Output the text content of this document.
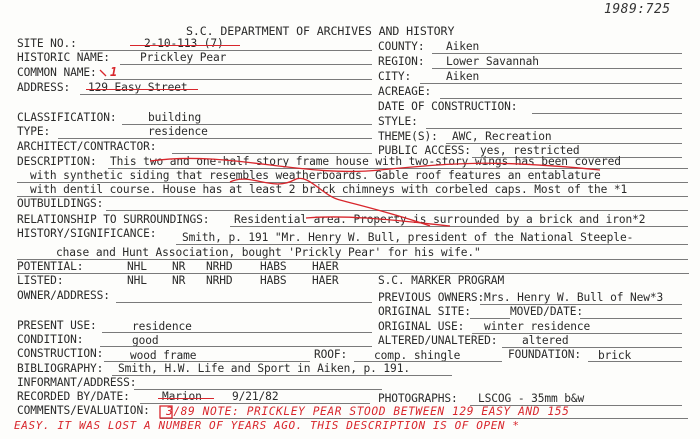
1989:725
S.C. DEPARTMENT OF ARCHIVES AND HISTORY
SITE NO.:	2-10-113 (7)	COUNTY: Aiken
HISTORIC NAME:	Prickley Pear	REGION: Lower Savannah
COMMON NAME: 1	CITY:	Aiken
ADDRESS: 129 Easy Street	ACREAGE:
DATE OF CONSTRUCTION:
CLASSIFICATION:	building	STYLE:
TYPE:	residence	THEME(S): AWC, Recreation
ARCHITECT/CONTRACTOR:	PUBLIC ACCESS: yes, restricted
DESCRIPTION: This two and one-half story frame house with two-story wings has been covered
with synthetic siding that resembles weatherboards. Gable roof features an entablature
with dentil course. House has at least 2 brick chimneys with corbeled caps. Most of the *1
OUTBUILDINGS:
RELATIONSHIP TO SURROUNDINGS: Residential area. Property is surrounded by a brick and iron*2
HISTORY/SIGNIFICANCE: Smith, p. 191 "Mr. Henry W. Bull, president of the National Steeple-
chase and Hunt Association, bought 'Prickly Pear' for his wife."
POTENTIAL:	NHL NR NRHD HABS HAER
LISTED:	NHL NR NRHD HABS HAER	S.C. MARKER PROGRAM
OWNER/ADDRESS:	PREVIOUS OWNERS: Mrs. Henry W. Bull of New*3
ORIGINAL SITE:	MOVED/DATE:
PRESENT USE:	residence	ORIGINAL USE: winter residence
CONDITION:	good	ALTERED/UNALTERED: altered
CONSTRUCTION: wood frame	ROOF: comp. shingle	FOUNDATION: brick
BIBLIOGRAPHY: Smith, H.W. Life and Sport in Aiken, p. 191.
INFORMANT/ADDRESS:
RECORDED BY/DATE:	Marion	9/21/82	PHOTOGRAPHS: LSCOG - 35mm b&w
COMMENTS/EVALUATION: 3/89 NOTE: PRICKLEY PEAR STOOD BETWEEN 129 EASY AND 155
EASY. IT WAS LOST A NUMBER OF YEARS AGO. THIS DESCRIPTION IS OF OPEN *
